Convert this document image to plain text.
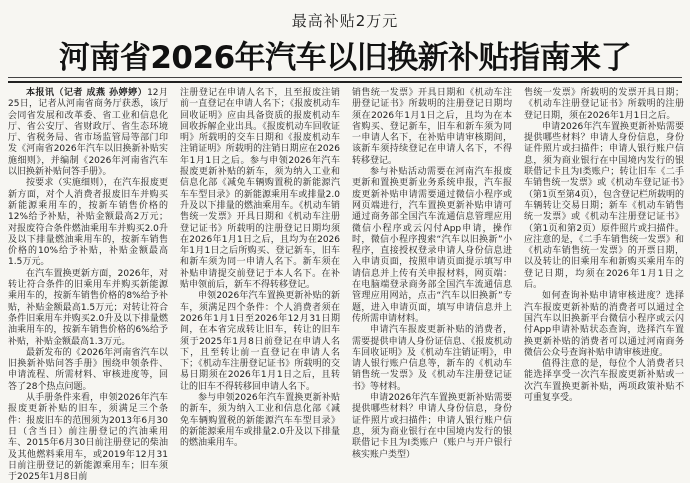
最高补贴2万元
河南省2026年汽车以旧换新补贴指南来了

本报讯（记者 成燕 孙婷婷）12月25日，记者从河南省商务厅获悉，该厅会同省发展和改革委、省工业和信息化厅、省公安厅、省财政厅、省生态环境厅、省税务局、省市场监管局等部门印发《河南省2026年汽车以旧换新补贴实施细则》，并编制《2026年河南省汽车以旧换新补贴问答手册》。

按要求（实施细则），在汽车报废更新方面，对个人消费者报废旧车并购买新能源乘用车的，按新车销售价格的12%给予补贴，补贴金额最高2万元；对报废符合条件燃油乘用车并购买2.0升及以下排量燃油乘用车的，按新车销售价格的10%给予补贴，补贴金额最高1.5万元。

在汽车置换更新方面，2026年，对转让符合条件的旧乘用车并购买新能源乘用车的，按新车销售价格的8%给予补贴，补贴金额最高1.5万元；对转让符合条件旧乘用车并购买2.0升及以下排量燃油乘用车的，按新车销售价格的6%给予补贴，补贴金额最高1.3万元。

最新发布的《2026年河南省汽车以旧换新补贴问答手册》围绕申领条件、申请流程、所需材料、审核进度等，回答了28个热点问题。

从手册条件来看，申领2026年汽车报废更新补贴的旧车，须满足三个条件：报废旧车的范围须为2013年6月30日（含当日）前注册登记的汽油乘用车、2015年6月30日前注册登记的柴油及其他燃料乘用车，或2019年12月31日前注册登记的新能源乘用车；旧车须于2025年1月8日前

注册登记在申请人名下，且至报废注销前一直登记在申请人名下；《报废机动车回收证明》应由具备资质的报废机动车回收拆解企业出具。《报废机动车回收证明》所载明的交车日期和《报废机动车注销证明》所载明的注销日期应在2026年1月1日之后。参与申领2026年汽车报废更新补贴的新车，须为纳入工业和信息化部《减免车辆购置税的新能源汽车车型目录》的新能源乘用车或排量2.0升及以下排量的燃油乘用车。《机动车销售统一发票》开具日期和《机动车注册登记证书》所载明的注册登记日期均须在2026年1月1日之后，且均为在2026年1月1日之后所购买、登记新车，旧车和新车须为同一申请人名下。新车须在补贴申请提交前登记于本人名下。在补贴申领前后，新车不得转移登记。

申领2026年汽车置换更新补贴的新车，须满足四个条件：个人消费者须在2026年1月1日至2026年12月31日期间，在本省完成转让旧车，转让的旧车须于2025年1月8日前登记在申请人名下，且至转让前一直登记在申请人名下；《机动车注册登记证书》所载明的交易日期须在2026年1月1日之后，且转让的旧车不得转移回申请人名下。

参与申领2026年汽车置换更新补贴的新车，须为纳入工业和信息化部《减免车辆购置税的新能源汽车车型目录》的新能源乘用车或排量2.0升及以下排量的燃油乘用车。

销售统一发票》开具日期和《机动车注册登记证书》所载明的注册登记日期均须在2026年1月1日之后，且均为在本省购买、登记新车，旧车和新车须为同一申请人名下，在补贴申请审核期间，该新车须持续登记在申请人名下，不得转移登记。

参与补贴活动需要在河南汽车报废更新和置换更新业务系统申报，汽车报废更新补贴申请需要通过微信小程序或网页端进行，汽车置换更新补贴申请可通过商务部全国汽车流通信息管理应用微信小程序或云闪付App申请，操作时，微信小程序搜索“汽车以旧换新”小程序，直接授权登录申请人身份信息进入申请页面，按照申请页面提示填写申请信息并上传有关申报材料，网页端：在电脑端登录商务部全国汽车流通信息管理应用网站，点击“汽车以旧换新”专题，进入申请页面，填写申请信息并上传所需申请材料。

申请汽车报废更新补贴的消费者，需要提供申请人身份证信息、《报废机动车回收证明》及《机动车注销证明》，申请人银行账户信息等，新车的《机动车销售统一发票》及《机动车注册登记证书》等材料。

申请2026年汽车置换更新补贴需要提供哪些材料？申请人身份信息，身份证件照片或扫描件；申请人银行账户信息，须为商业银行在中国境内发行的银联借记卡且为I类账户（账户与开户银行核实账户类型）

售统一发票》所载明的发票开具日期；《机动车注册登记证书》所载明的注册登记日期，须在2026年1月1日之后。

申请2026年汽车置换更新补贴需要提供哪些材料？申请人身份信息，身份证件照片或扫描件；申请人银行账户信息，须为商业银行在中国境内发行的银联借记卡且为I类账户；转让旧车《二手车销售统一发票》或《机动车登记证书》（第1页至第4页），包含登记栏所载明的车辆转让交易日期；新车《机动车销售统一发票》或《机动车注册登记证书》（第1页和第2页）原件照片或扫描件。应注意的是，《二手车销售统一发票》和《机动车销售统一发票》的开票日期，以及转让的旧乘用车和新购买乘用车的登记日期，均须在2026年1月1日之后。

如何查询补贴申请审核进度？选择汽车报废更新补贴的消费者可以通过全国汽车以旧换新平台微信小程序或云闪付App申请补贴状态查询，选择汽车置换更新补贴的消费者可以通过河南商务微信公众号查询补贴申请审核进度。

值得注意的是，每位个人消费者只能选择享受一次汽车报废更新补贴或一次汽车置换更新补贴，两项政策补贴不可重复享受。
